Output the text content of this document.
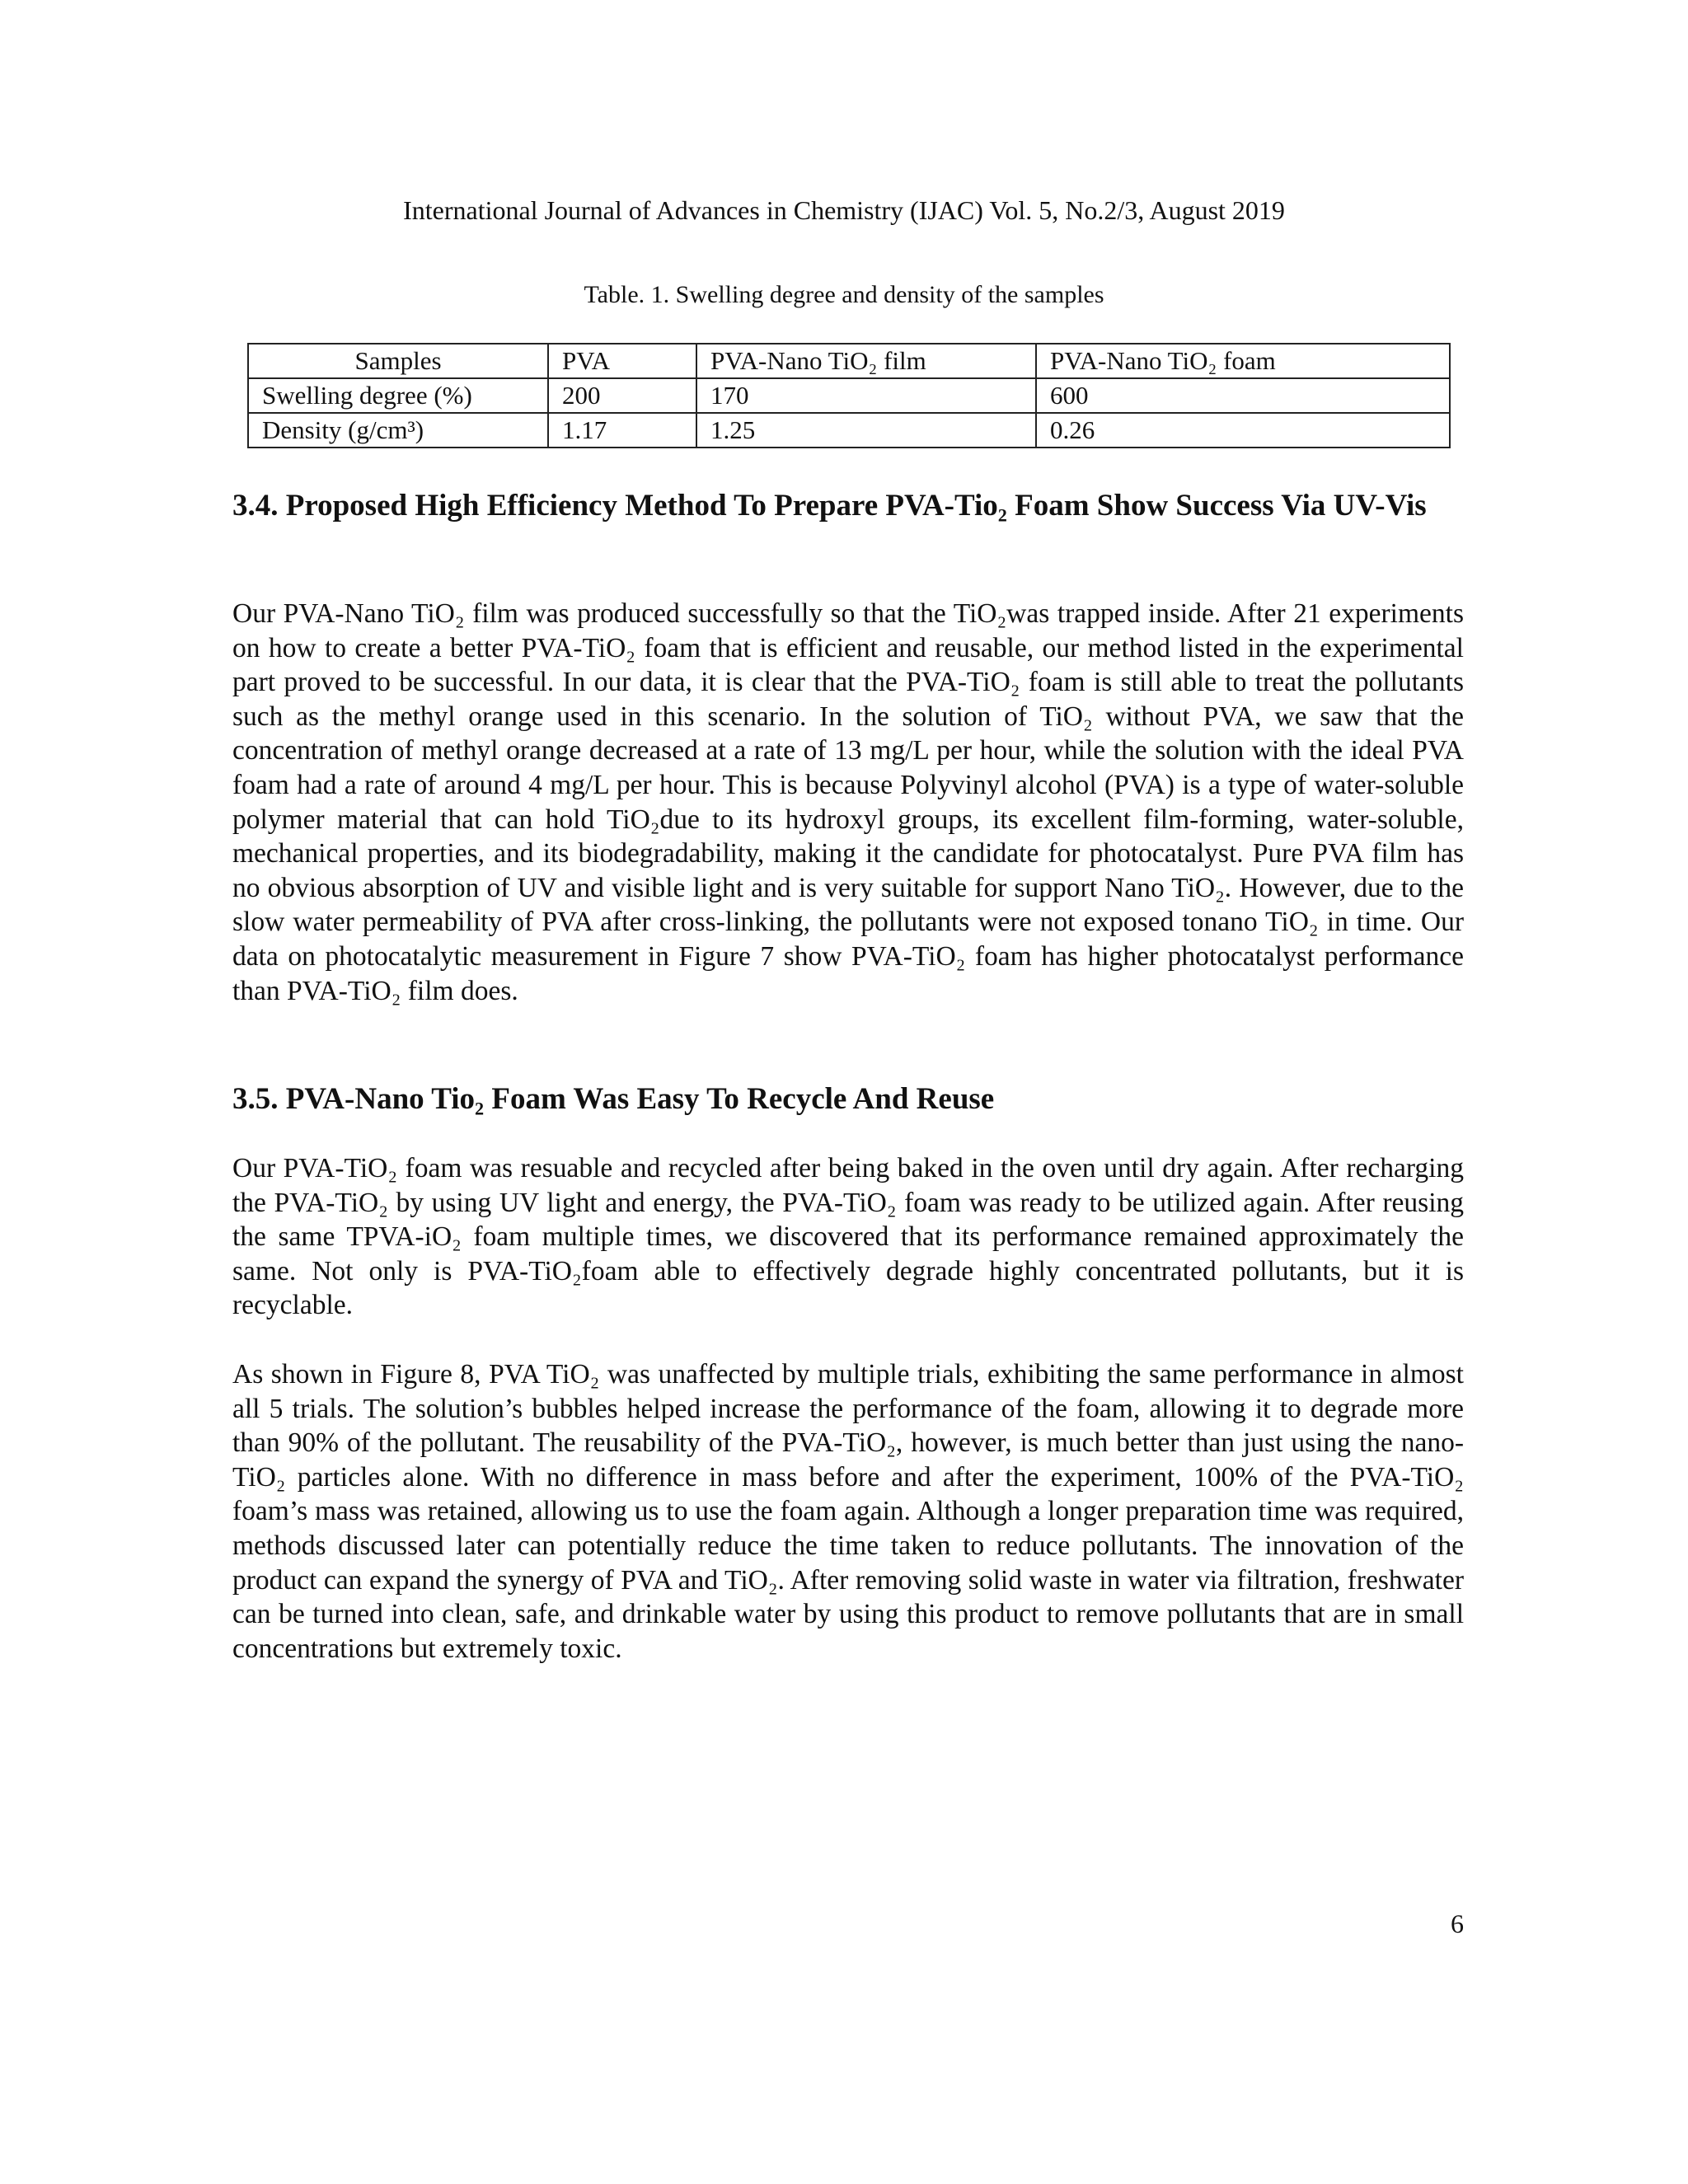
International Journal of Advances in Chemistry (IJAC) Vol. 5, No.2/3, August 2019
Table. 1. Swelling degree and density of the samples
Samples	PVA	PVA-Nano TiO₂ film	PVA-Nano TiO₂ foam
Swelling degree (%)	200	170	600
Density (g/cm³)	1.17	1.25	0.26
3.4. Proposed High Efficiency Method To Prepare PVA-Tio₂ Foam Show Success Via UV-Vis

Our PVA-Nano TiO₂ film was produced successfully so that the TiO₂was trapped inside. After 21 experiments on how to create a better PVA-TiO₂ foam that is efficient and reusable, our method listed in the experimental part proved to be successful. In our data, it is clear that the PVA-TiO₂ foam is still able to treat the pollutants such as the methyl orange used in this scenario. In the solution of TiO₂ without PVA, we saw that the concentration of methyl orange decreased at a rate of 13 mg/L per hour, while the solution with the ideal PVA foam had a rate of around 4 mg/L per hour. This is because Polyvinyl alcohol (PVA) is a type of water-soluble polymer material that can hold TiO₂due to its hydroxyl groups, its excellent film-forming, water-soluble, mechanical properties, and its biodegradability, making it the candidate for photocatalyst. Pure PVA film has no obvious absorption of UV and visible light and is very suitable for support Nano TiO₂. However, due to the slow water permeability of PVA after cross-linking, the pollutants were not exposed tonano TiO₂ in time. Our data on photocatalytic measurement in Figure 7 show PVA-TiO₂ foam has higher photocatalyst performance than PVA-TiO₂ film does.

3.5. PVA-Nano Tio₂ Foam Was Easy To Recycle And Reuse

Our PVA-TiO₂ foam was resuable and recycled after being baked in the oven until dry again. After recharging the PVA-TiO₂ by using UV light and energy, the PVA-TiO₂ foam was ready to be utilized again. After reusing the same TPVA-iO₂ foam multiple times, we discovered that its performance remained approximately the same. Not only is PVA-TiO₂foam able to effectively degrade highly concentrated pollutants, but it is recyclable.

As shown in Figure 8, PVA TiO₂ was unaffected by multiple trials, exhibiting the same performance in almost all 5 trials. The solution’s bubbles helped increase the performance of the foam, allowing it to degrade more than 90% of the pollutant. The reusability of the PVA-TiO₂, however, is much better than just using the nano-TiO₂ particles alone. With no difference in mass before and after the experiment, 100% of the PVA-TiO₂ foam’s mass was retained, allowing us to use the foam again. Although a longer preparation time was required, methods discussed later can potentially reduce the time taken to reduce pollutants. The innovation of the product can expand the synergy of PVA and TiO₂. After removing solid waste in water via filtration, freshwater can be turned into clean, safe, and drinkable water by using this product to remove pollutants that are in small concentrations but extremely toxic.

6
